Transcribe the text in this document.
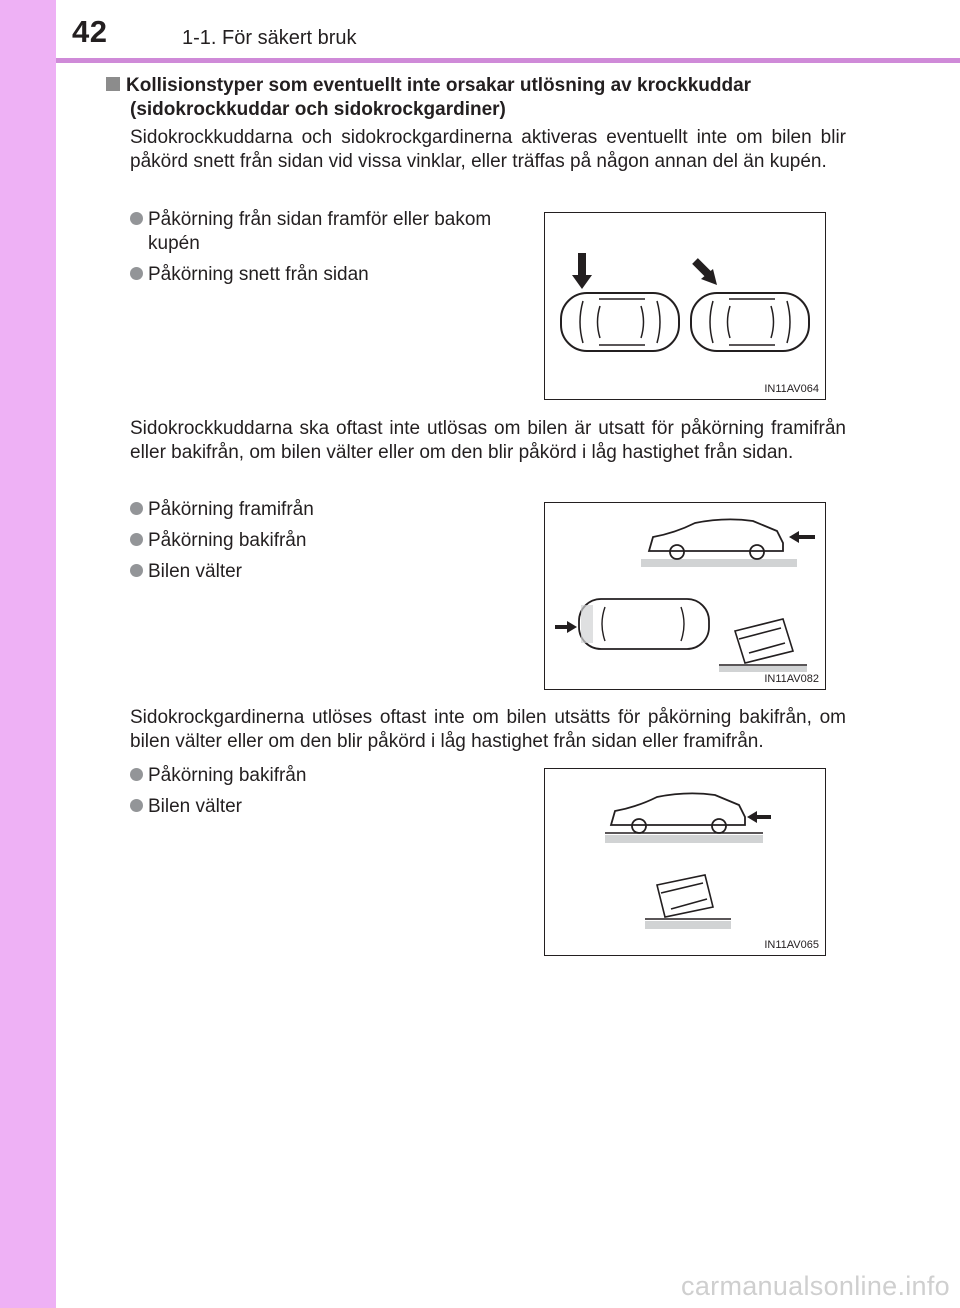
42	1-1. För säkert bruk
Kollisionstyper som eventuellt inte orsakar utlösning av krockkuddar
(sidokrockkuddar och sidokrockgardiner)
Sidokrockkuddarna och sidokrockgardinerna aktiveras eventuellt inte om bilen blir påkörd snett från sidan vid vissa vinklar, eller träffas på någon annan del än kupén.
Påkörning från sidan framför eller bakom
kupén
Påkörning snett från sidan
IN11AV064
Sidokrockkuddarna ska oftast inte utlösas om bilen är utsatt för påkörning framifrån eller bakifrån, om bilen välter eller om den blir påkörd i låg hastighet från sidan.
Påkörning framifrån
Påkörning bakifrån
Bilen välter
IN11AV082
Sidokrockgardinerna utlöses oftast inte om bilen utsätts för påkörning bakifrån, om bilen välter eller om den blir påkörd i låg hastighet från sidan eller framifrån.
Påkörning bakifrån
Bilen välter
IN11AV065
carmanualsonline.info
